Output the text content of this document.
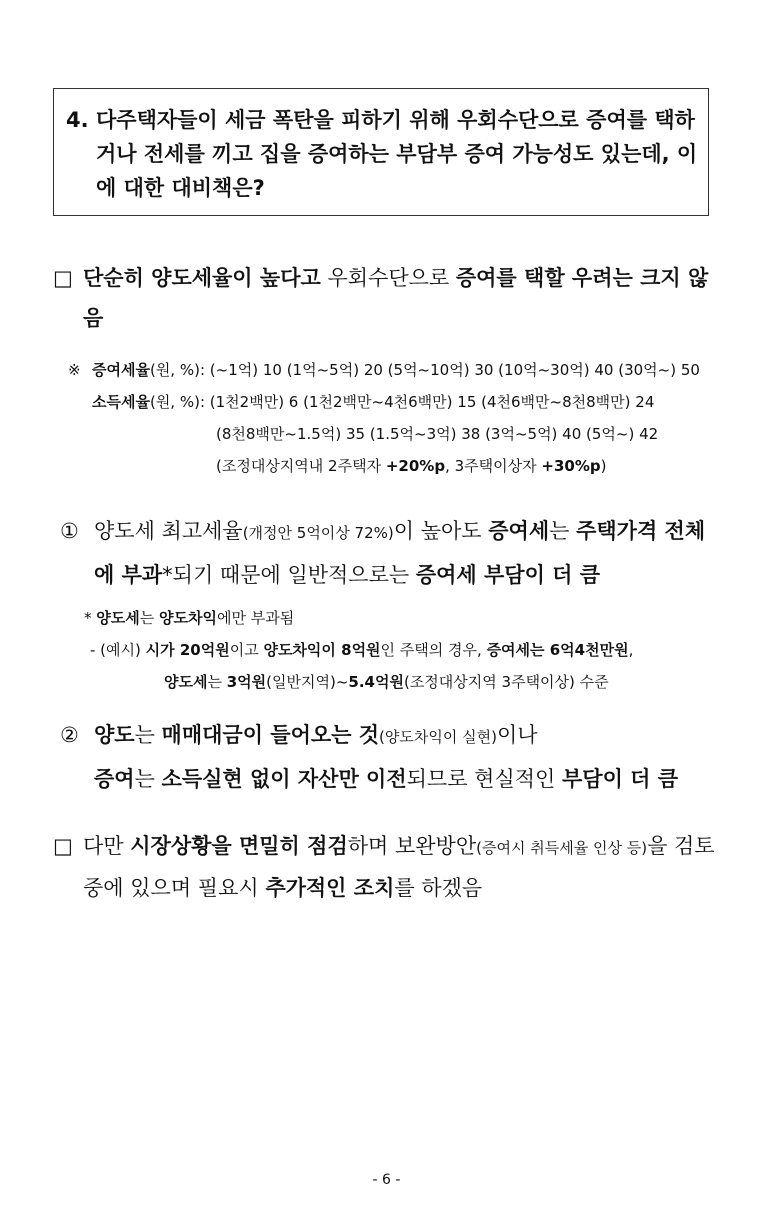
4. 다주택자들이 세금 폭탄을 피하기 위해 우회수단으로 증여를 택하거나 전세를 끼고 집을 증여하는 부담부 증여 가능성도 있는데, 이에 대한 대비책은?
□ 단순히 양도세율이 높다고 우회수단으로 증여를 택할 우려는 크지 않음
※ 증여세율(원, %): (~1억) 10 (1억~5억) 20 (5억~10억) 30 (10억~30억) 40 (30억~) 50
소득세율(원, %): (1천2백만) 6 (1천2백만~4천6백만) 15 (4천6백만~8천8백만) 24
(8천8백만~1.5억) 35 (1.5억~3억) 38 (3억~5억) 40 (5억~) 42
(조정대상지역내 2주택자 +20%p, 3주택이상자 +30%p)
① 양도세 최고세율(개정안 5억이상 72%)이 높아도 증여세는 주택가격 전체에 부과*되기 때문에 일반적으로는 증여세 부담이 더 큼
* 양도세는 양도차익에만 부과됨
- (예시) 시가 20억원이고 양도차익이 8억원인 주택의 경우, 증여세는 6억4천만원,
양도세는 3억원(일반지역)~5.4억원(조정대상지역 3주택이상) 수준
② 양도는 매매대금이 들어오는 것(양도차익이 실현)이나
증여는 소득실현 없이 자산만 이전되므로 현실적인 부담이 더 큼
□ 다만 시장상황을 면밀히 점검하며 보완방안(증여시 취득세율 인상 등)을 검토 중에 있으며 필요시 추가적인 조치를 하겠음
- 6 -
